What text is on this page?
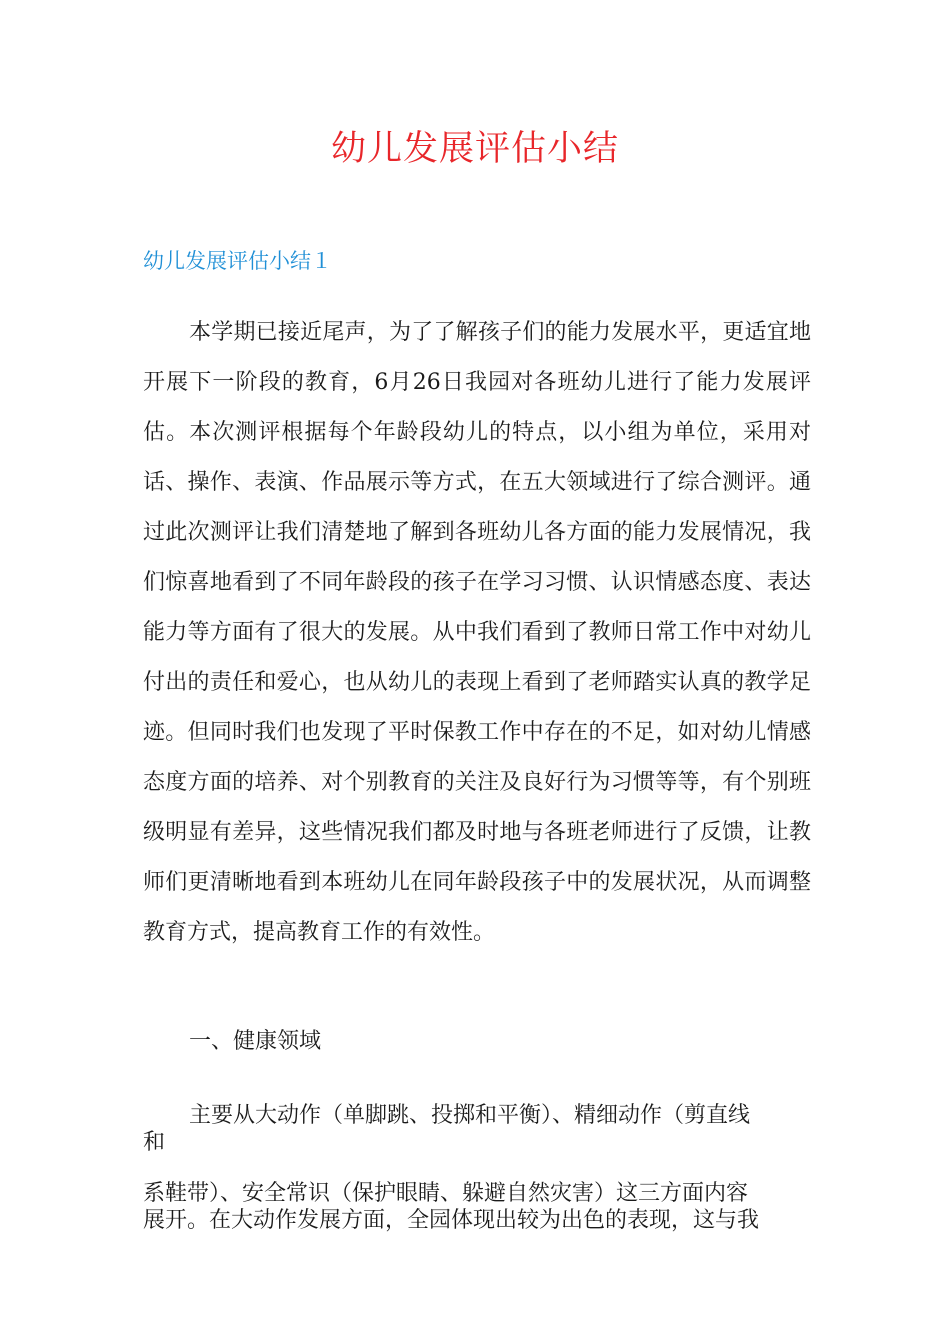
幼儿发展评估小结
幼儿发展评估小结１

本学期已接近尾声，为了了解孩子们的能力发展水平，更适宜地开展下一阶段的教育，6月26日我园对各班幼儿进行了能力发展评估。本次测评根据每个年龄段幼儿的特点，以小组为单位，采用对话、操作、表演、作品展示等方式，在五大领域进行了综合测评。通过此次测评让我们清楚地了解到各班幼儿各方面的能力发展情况，我们惊喜地看到了不同年龄段的孩子在学习习惯、认识情感态度、表达能力等方面有了很大的发展。从中我们看到了教师日常工作中对幼儿付出的责任和爱心，也从幼儿的表现上看到了老师踏实认真的教学足迹。但同时我们也发现了平时保教工作中存在的不足，如对幼儿情感态度方面的培养、对个别教育的关注及良好行为习惯等等，有个别班级明显有差异，这些情况我们都及时地与各班老师进行了反馈，让教师们更清晰地看到本班幼儿在同年龄段孩子中的发展状况，从而调整教育方式，提高教育工作的有效性。

一、健康领域

主要从大动作（单脚跳、投掷和平衡）、精细动作（剪直线

和

系鞋带）、安全常识（保护眼睛、躲避自然灾害）这三方面内容

展开。在大动作发展方面，全园体现出较为出色的表现，这与我
